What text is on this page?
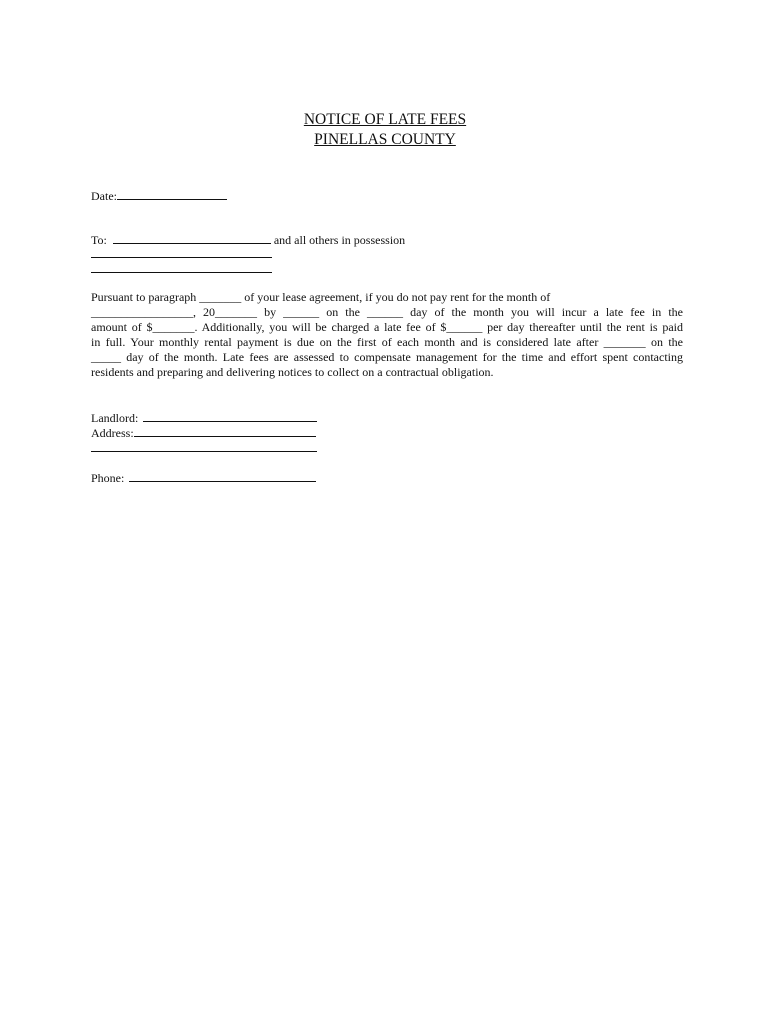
NOTICE OF LATE FEES
PINELLAS COUNTY
Date:
To:	and all others in possession
Pursuant to paragraph _______ of your lease agreement, if you do not pay rent for the month of
_________________, 20_______ by ______ on the ______ day of the month you will incur a late fee in the
amount of $_______. Additionally, you will be charged a late fee of $______ per day thereafter until the rent is paid
in full. Your monthly rental payment is due on the first of each month and is considered late after _______ on the
_____ day of the month. Late fees are assessed to compensate management for the time and effort spent contacting
residents and preparing and delivering notices to collect on a contractual obligation.
Landlord:
Address:
Phone:
